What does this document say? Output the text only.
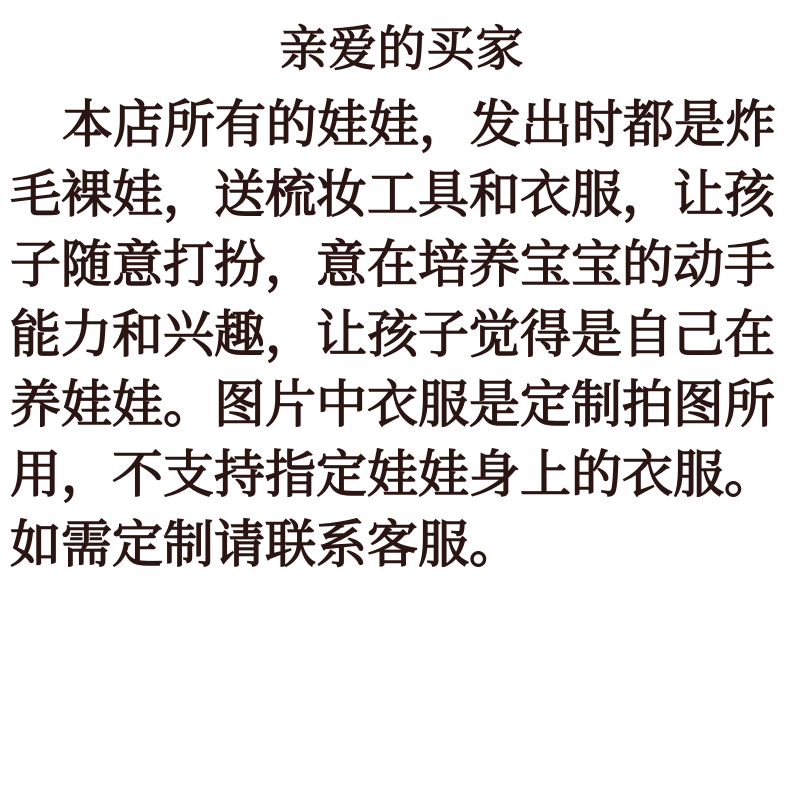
亲爱的买家
本店所有的娃娃，发出时都是炸
毛裸娃，送梳妆工具和衣服，让孩
子随意打扮，意在培养宝宝的动手
能力和兴趣，让孩子觉得是自己在
养娃娃。图片中衣服是定制拍图所
用，不支持指定娃娃身上的衣服。
如需定制请联系客服。
